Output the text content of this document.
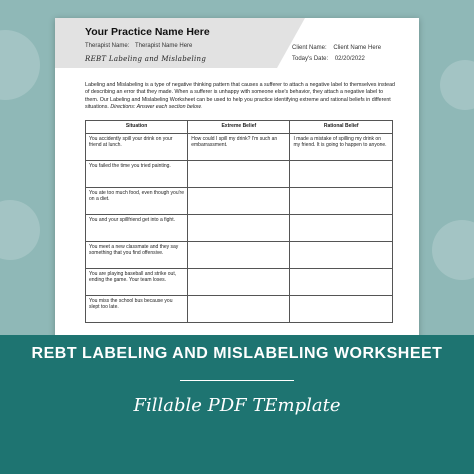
Your Practice Name Here
Therapist Name: Therapist Name Here
REBT Labeling and Mislabeling
Client Name: Client Name Here
Today's Date: 02/20/2022
Labeling and Mislabeling is a type of negative thinking pattern that causes a sufferer to attach a negative label to themselves instead of describing an error that they made. When a sufferer is unhappy with someone else's behavior, they attach a negative label to them. Our Labeling and Mislabeling Worksheet can be used to help you practice identifying extreme and rational beliefs in different situations. Directions: Answer each section below.
Situation	Extreme Belief	Rational Belief
You accidently spill your drink on your friend at lunch.	How could I spill my drink? I'm such an embarrassment.	I made a mistake of spilling my drink on my friend. It is going to happen to anyone.
You failed the time you tried painting.		
You ate too much food, even though you're on a diet.		
You and your spillfriend get into a fight.		
You meet a new classmate and they say something that you find offensive.		
You are playing baseball and strike out, ending the game. Your team loses.		
You miss the school bus because you slept too late.		
REBT LABELING AND MISLABELING WORKSHEET
Fillable PDF TEmplate
